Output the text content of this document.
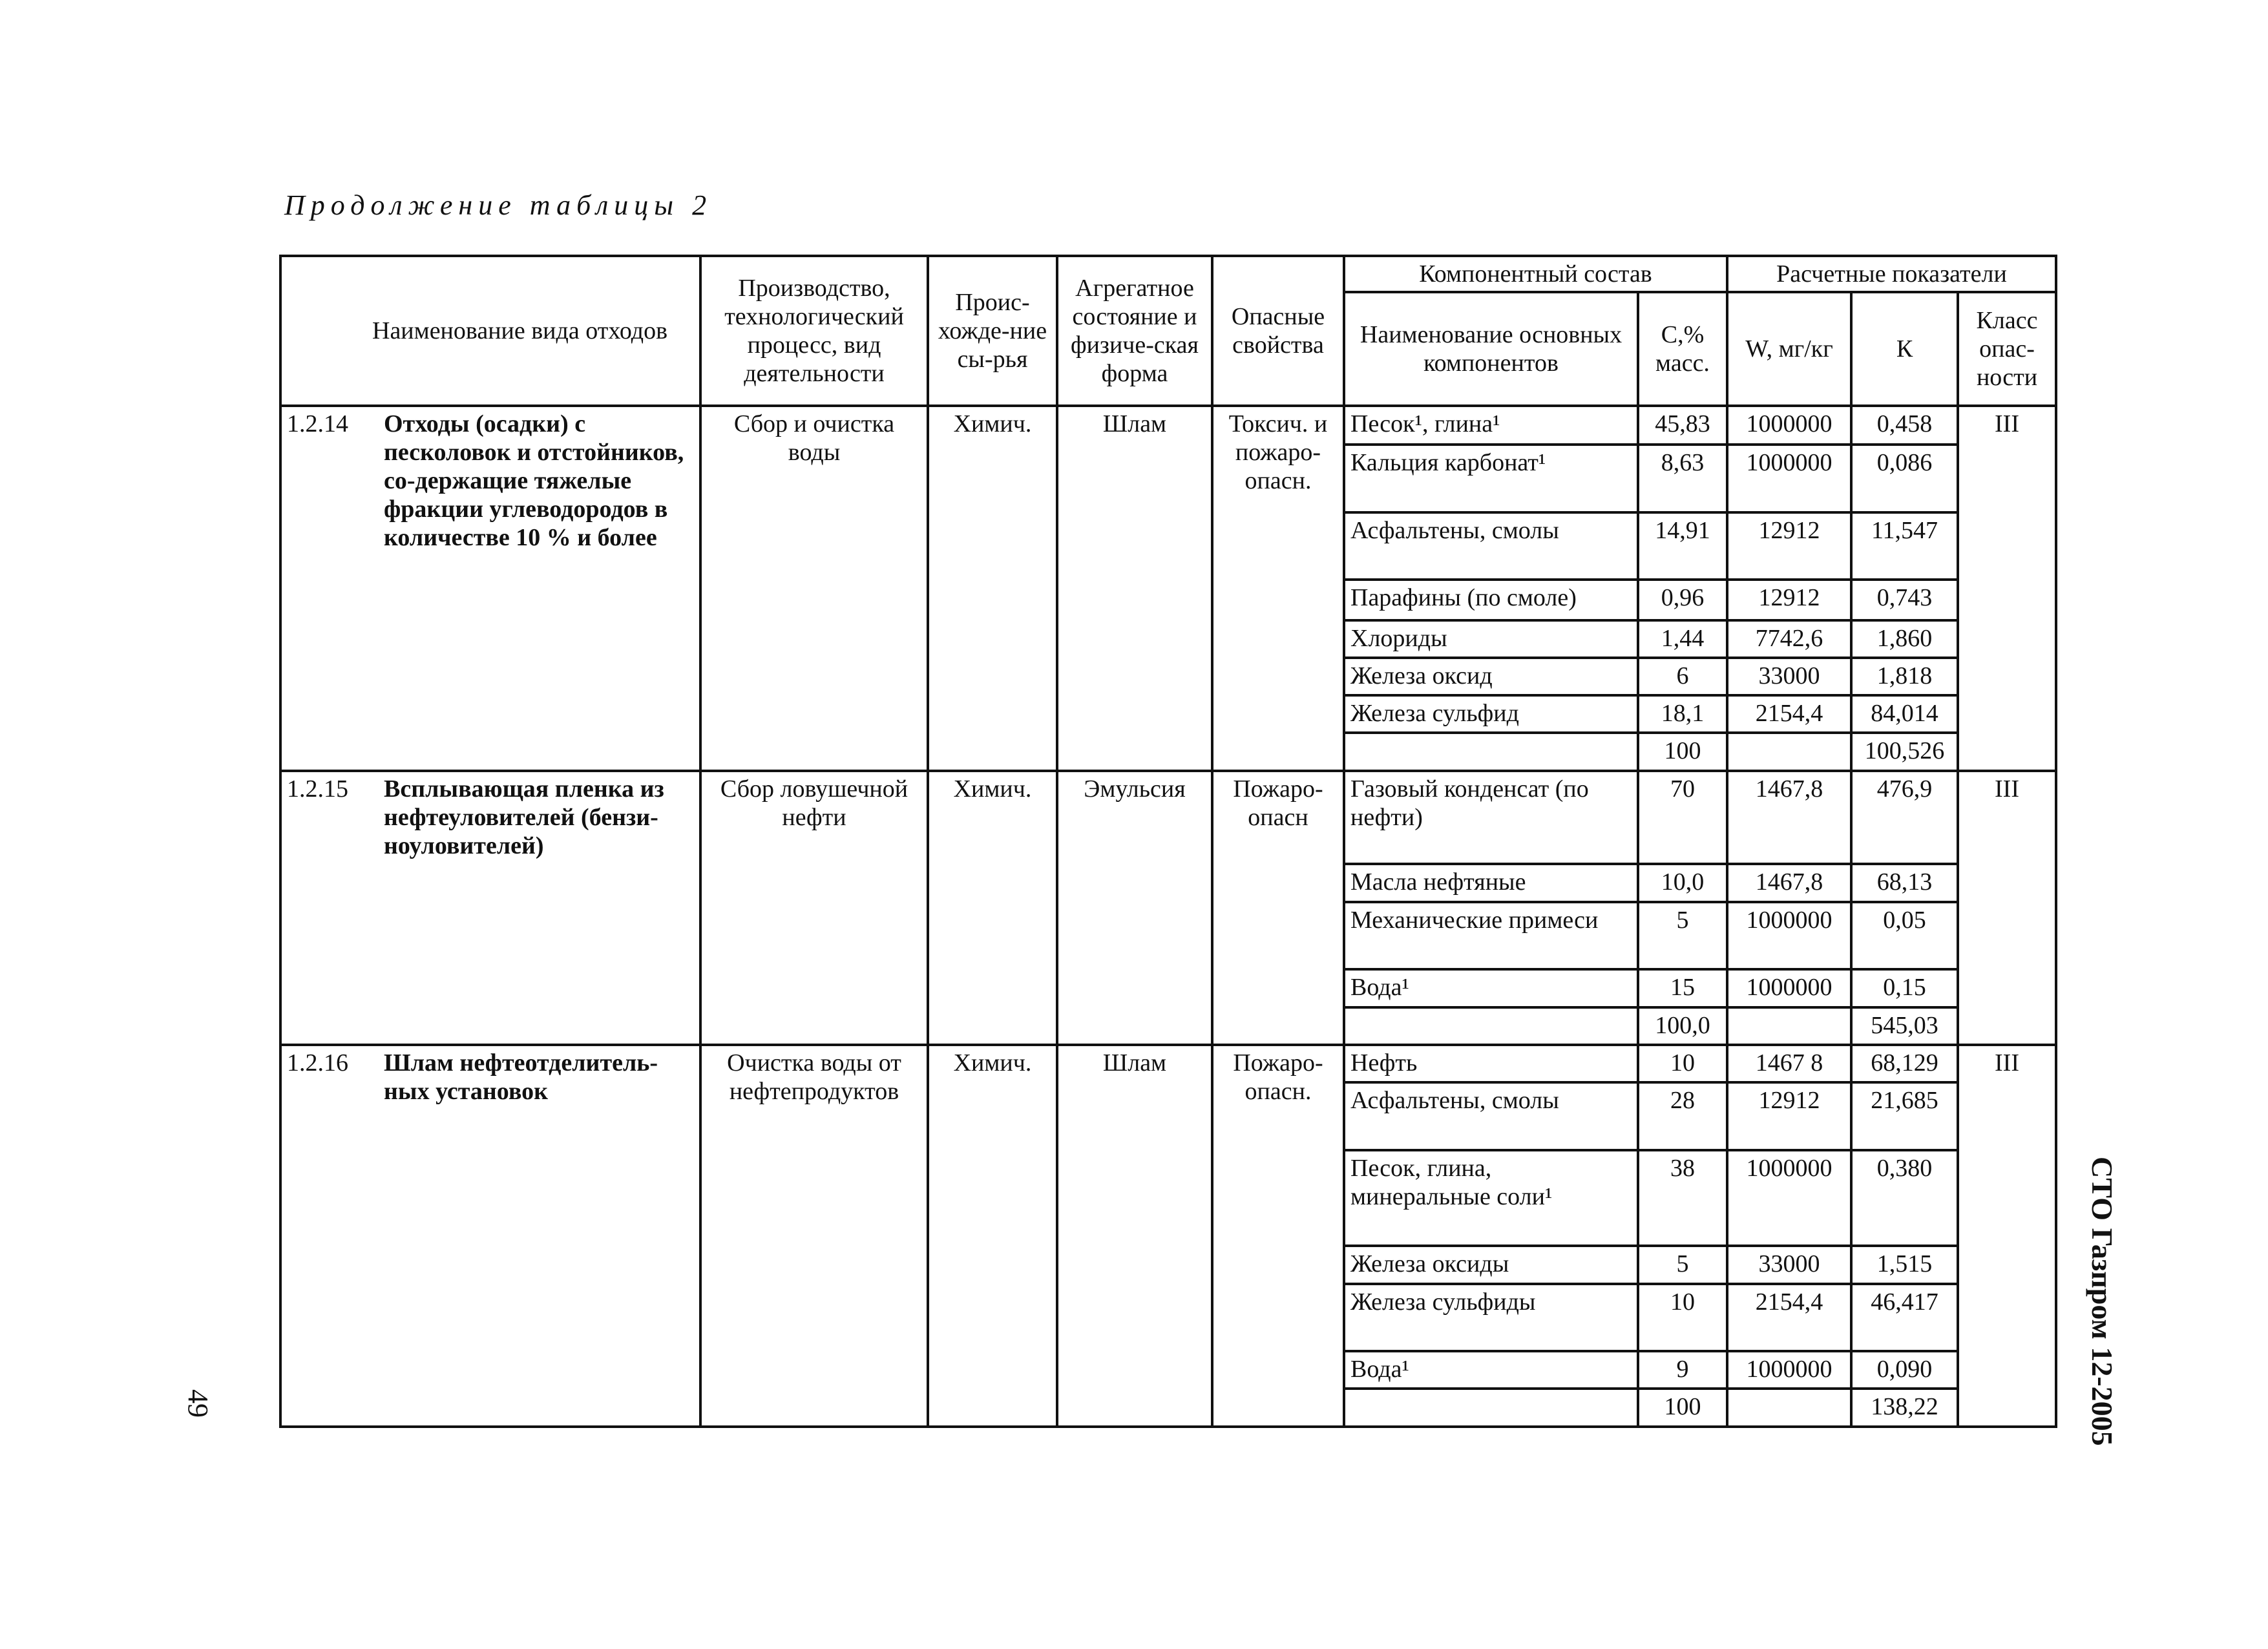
Продолжение таблицы 2
Наименование вида отходов	Производство, технологический процесс, вид деятельности	Проис-хожде-ние сы-рья	Агрегатное состояние и физиче-ская форма	Опасные свойства	Компонентный состав		Расчетные показатели		
					Наименование основных компонентов	С,% масс.	W, мг/кг	К	Класс опас-ности

1.2.14 Отходы (осадки) с песколовок и отстойников, со-держащие тяжелые фракции углеводородов в количестве 10 % и более	Сбор и очистка воды	Химич.	Шлам	Токсич. и пожаро-опасн.	Песок¹, глина¹	45,83	1000000	0,458	III
					Кальция карбонат¹	8,63	1000000	0,086	
					Асфальтены, смолы	14,91	12912	11,547	
					Парафины (по смоле)	0,96	12912	0,743	
					Хлориды	1,44	7742,6	1,860	
					Железа оксид	6	33000	1,818	
					Железа сульфид	18,1	2154,4	84,014	
						100		100,526	

1.2.15 Всплывающая пленка из нефтеуловителей (бензи-ноуловителей)	Сбор ловушечной нефти	Химич.	Эмульсия	Пожаро-опасн	Газовый конденсат (по нефти)	70	1467,8	476,9	III
					Масла нефтяные	10,0	1467,8	68,13	
					Механические примеси	5	1000000	0,05	
					Вода¹	15	1000000	0,15	
						100,0		545,03	

1.2.16 Шлам нефтеотделитель-ных установок	Очистка воды от нефтепродуктов	Химич.	Шлам	Пожаро-опасн.	Нефть	10	1467 8	68,129	III
					Асфальтены, смолы	28	12912	21,685	
					Песок, глина, минеральные соли¹	38	1000000	0,380	
					Железа оксиды	5	33000	1,515	
					Железа сульфиды	10	2154,4	46,417	
					Вода¹	9	1000000	0,090	
						100		138,22	
49	СТО Газпром 12-2005
